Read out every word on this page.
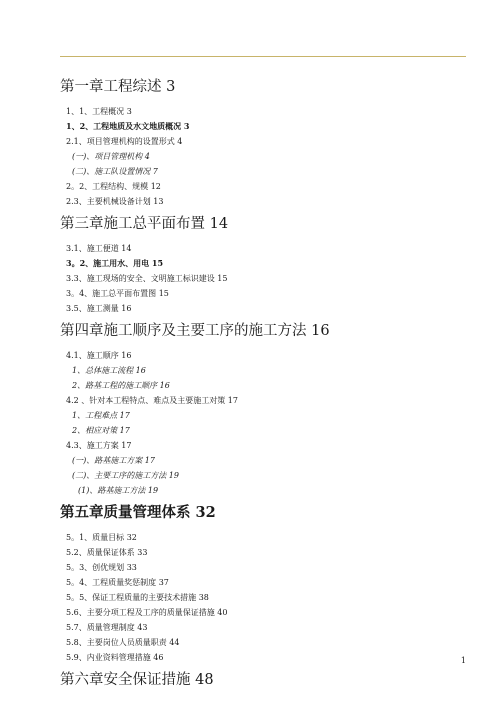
第一章工程综述 3
1、1、工程概况 3
1、2、工程地质及水文地质概况 3
2.1、项目管理机构的设置形式 4
(一)、项目管理机构 4
(二)、施工队设置情况 7
2。2、工程结构、规模 12
2.3、主要机械设备计划 13
第三章施工总平面布置 14
3.1、施工便道 14
3。2、施工用水、用电 15
3.3、施工现场的安全、文明施工标识建设 15
3。4、施工总平面布置图 15
3.5、施工测量 16
第四章施工顺序及主要工序的施工方法 16
4.1、施工顺序 16
1、总体施工流程 16
2、路基工程的施工顺序 16
4.2 、针对本工程特点、难点及主要施工对策 17
1、工程难点 17
2、相应对策 17
4.3、施工方案 17
(一)、路基施工方案 17
(二)、主要工序的施工方法 19
(1)、路基施工方法 19
第五章质量管理体系 32
5。1、质量目标 32
5.2、质量保证体系 33
5。3、创优规划 33
5。4、工程质量奖惩制度 37
5。5、保证工程质量的主要技术措施 38
5.6、主要分项工程及工序的质量保证措施 40
5.7、质量管理制度 43
5.8、主要岗位人员质量职责 44
5.9、内业资料管理措施 46
第六章安全保证措施 48
1
